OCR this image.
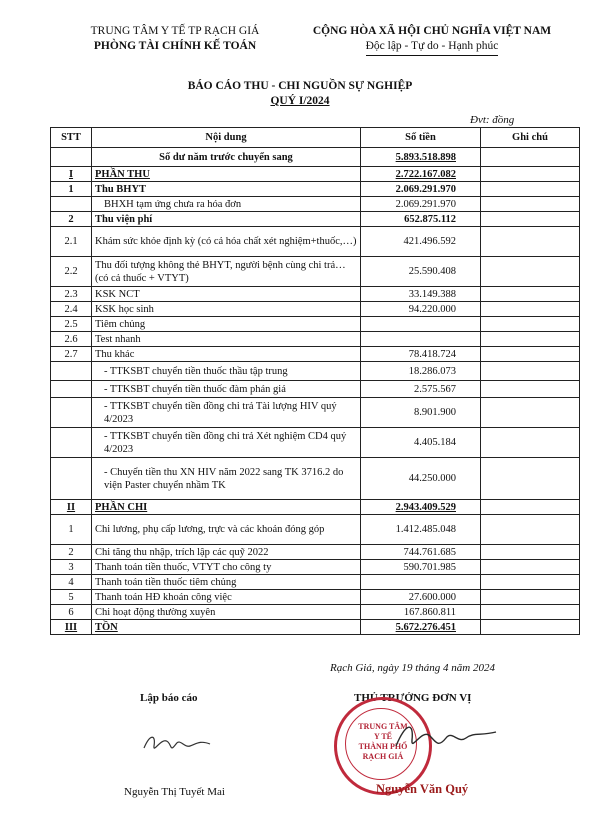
TRUNG TÂM Y TẾ TP RẠCH GIÁ
PHÒNG TÀI CHÍNH KẾ TOÁN
CỘNG HÒA XÃ HỘI CHỦ NGHĨA VIỆT NAM
Độc lập - Tự do - Hạnh phúc
BÁO CÁO THU - CHI NGUỒN SỰ NGHIỆP
QUÝ I/2024
Đvt: đồng
STT	Nội dung	Số tiền	Ghi chú
	Số dư năm trước chuyển sang	5.893.518.898	
I	PHẦN THU	2.722.167.082	
1	Thu BHYT	2.069.291.970	
	BHXH tạm ứng chưa ra hóa đơn	2.069.291.970	
2	Thu viện phí	652.875.112	
2.1	Khám sức khỏe định kỳ (có cả hóa chất xét nghiệm+thuốc,…)	421.496.592	
2.2	Thu đối tượng không thẻ BHYT, người bệnh cùng chi trả…(có cả thuốc + VTYT)	25.590.408	
2.3	KSK NCT	33.149.388	
2.4	KSK học sinh	94.220.000	
2.5	Tiêm chủng		
2.6	Test nhanh		
2.7	Thu khác	78.418.724	
	- TTKSBT chuyển tiền thuốc thầu tập trung	18.286.073	
	- TTKSBT chuyển tiền thuốc đàm phán giá	2.575.567	
	- TTKSBT chuyển tiền đồng chi trả Tài lượng HIV quý 4/2023	8.901.900	
	- TTKSBT chuyển tiền đồng chi trả Xét nghiệm CD4 quý 4/2023	4.405.184	
	- Chuyển tiền thu XN HIV năm 2022 sang TK 3716.2 do viện Paster chuyển nhầm TK	44.250.000	
II	PHẦN CHI	2.943.409.529	
1	Chi lương, phụ cấp lương, trực và các khoản đóng góp	1.412.485.048	
2	Chi tăng thu nhập, trích lập các quỹ 2022	744.761.685	
3	Thanh toán tiền thuốc, VTYT cho công ty	590.701.985	
4	Thanh toán tiền thuốc tiêm chủng		
5	Thanh toán HĐ khoán công việc	27.600.000	
6	Chi hoạt động thường xuyên	167.860.811	
III	TỒN	5.672.276.451	
Rạch Giá, ngày 19 tháng 4 năm 2024
Lập báo cáo
Nguyễn Thị Tuyết Mai
THỦ TRƯỞNG ĐƠN VỊ
TRUNG TÂM
Y TẾ
THÀNH PHỐ
RẠCH GIÁ
Nguyễn Văn Quý
